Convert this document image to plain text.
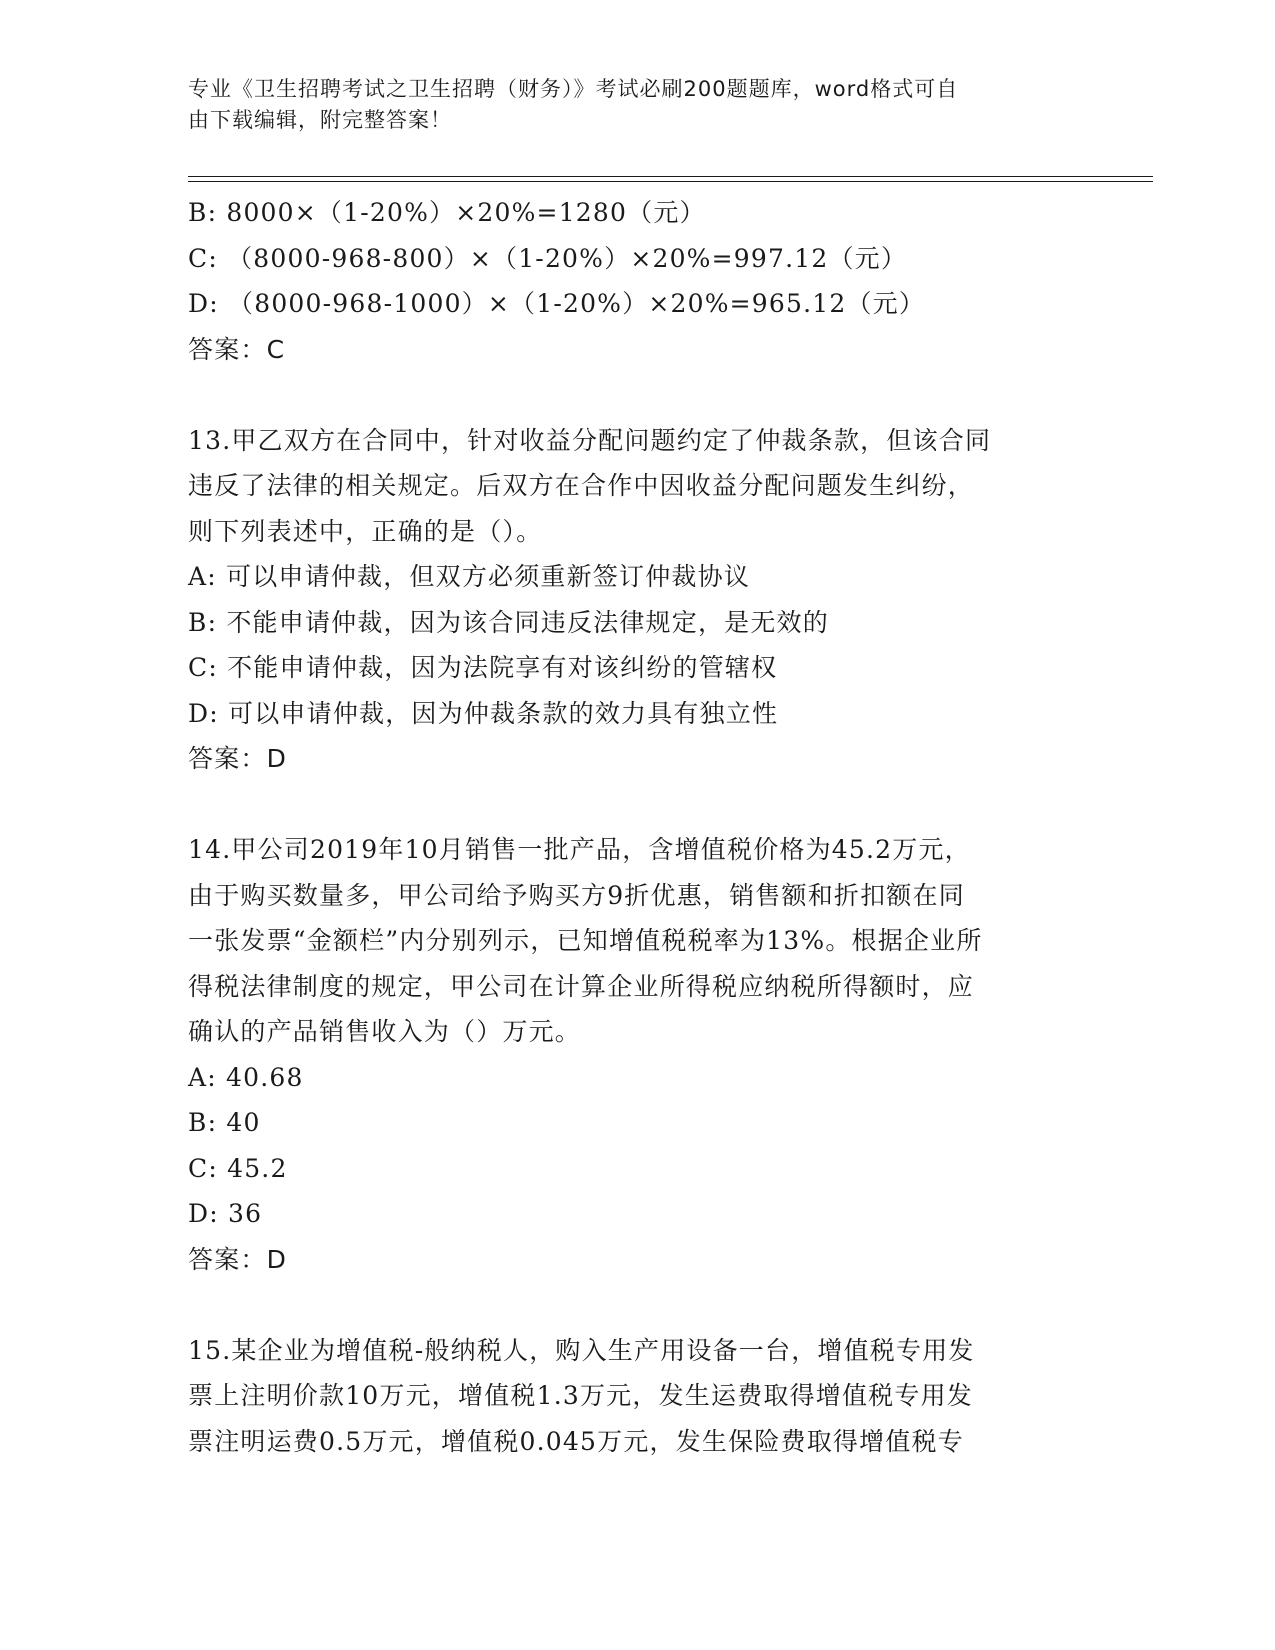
专业《卫生招聘考试之卫生招聘（财务）》考试必刷200题题库，word格式可自
由下载编辑，附完整答案！
B: 8000×（1-20%）×20%=1280（元）
C: （8000-968-800）×（1-20%）×20%=997.12（元）
D: （8000-968-1000）×（1-20%）×20%=965.12（元）
答案：C
13.甲乙双方在合同中，针对收益分配问题约定了仲裁条款，但该合同
违反了法律的相关规定。后双方在合作中因收益分配问题发生纠纷，
则下列表述中，正确的是（）。
A: 可以申请仲裁，但双方必须重新签订仲裁协议
B: 不能申请仲裁，因为该合同违反法律规定，是无效的
C: 不能申请仲裁，因为法院享有对该纠纷的管辖权
D: 可以申请仲裁，因为仲裁条款的效力具有独立性
答案：D
14.甲公司2019年10月销售一批产品，含增值税价格为45.2万元，
由于购买数量多，甲公司给予购买方9折优惠，销售额和折扣额在同
一张发票“金额栏”内分别列示，已知增值税税率为13%。根据企业所
得税法律制度的规定，甲公司在计算企业所得税应纳税所得额时，应
确认的产品销售收入为（）万元。
A: 40.68
B: 40
C: 45.2
D: 36
答案：D
15.某企业为增值税-般纳税人，购入生产用设备一台，增值税专用发
票上注明价款10万元，增值税1.3万元，发生运费取得增值税专用发
票注明运费0.5万元，增值税0.045万元，发生保险费取得增值税专
